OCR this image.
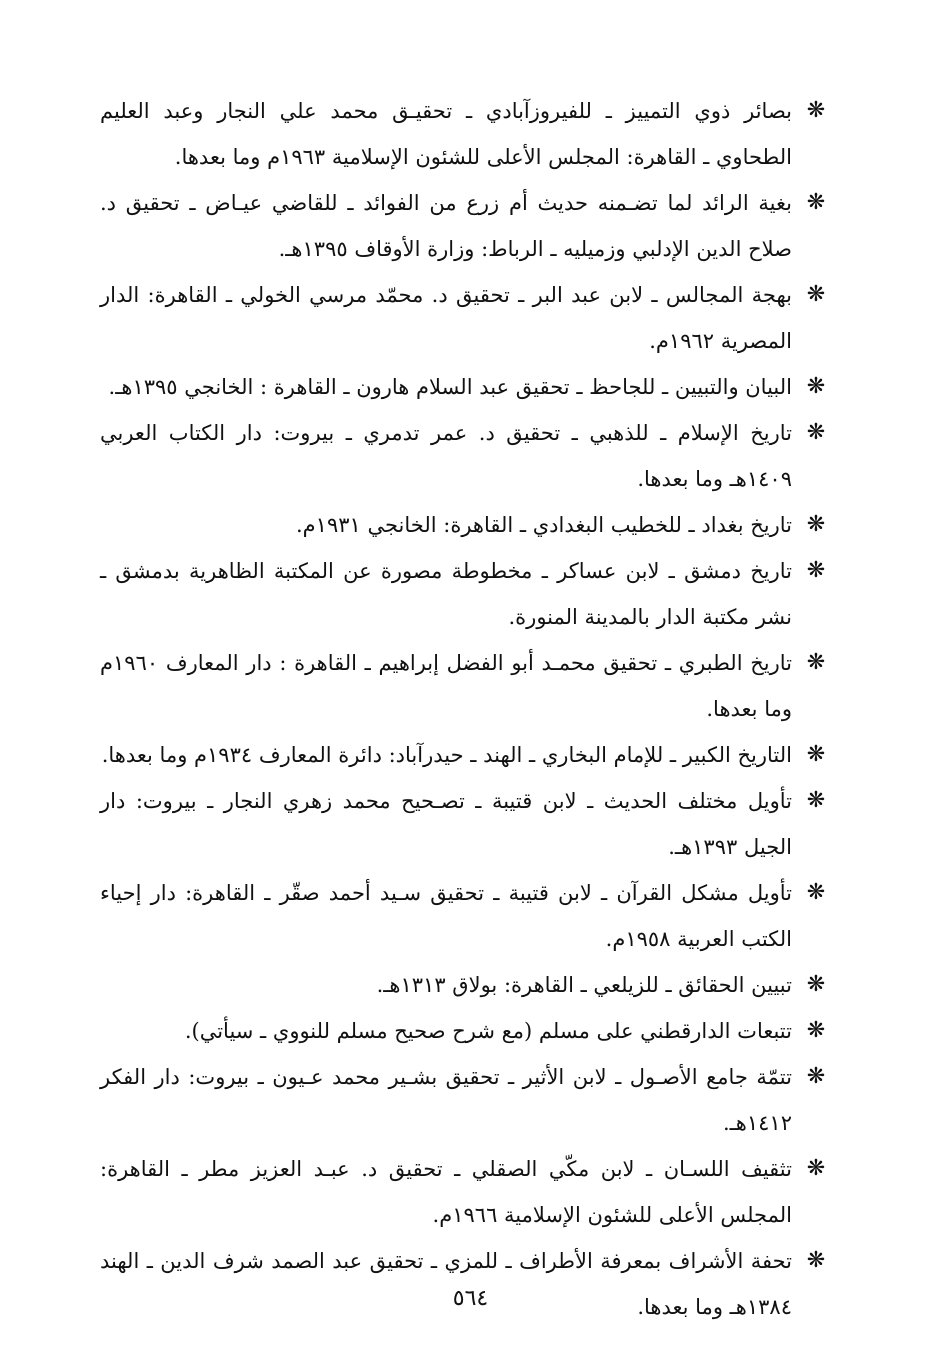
❋
بصائر ذوي التمييز ـ للفيروزآبادي ـ تحقيـق محمد علي النجار وعبد العليم الطحاوي ـ القاهرة: المجلس الأعلى للشئون الإسلامية ١٩٦٣م وما بعدها.
❋
بغية الرائد لما تضـمنه حديث أم زرع من الفوائد ـ للقاضي عيـاض ـ تحقيق د. صلاح الدين الإدلبي وزميليه ـ الرباط: وزارة الأوقاف ١٣٩٥هـ.
❋
بهجة المجالس ـ لابن عبد البر ـ تحقيق د. محمّد مرسي الخولي ـ القاهرة: الدار المصرية ١٩٦٢م.
❋
البيان والتبيين ـ للجاحظ ـ تحقيق عبد السلام هارون ـ القاهرة : الخانجي ١٣٩٥هـ.
❋
تاريخ الإسلام ـ للذهبي ـ تحقيق د. عمر تدمري ـ بيروت: دار الكتاب العربي ١٤٠٩هـ وما بعدها.
❋
تاريخ بغداد ـ للخطيب البغدادي ـ القاهرة: الخانجي ١٩٣١م.
❋
تاريخ دمشق ـ لابن عساكر ـ مخطوطة مصورة عن المكتبة الظاهرية بدمشق ـ نشر مكتبة الدار بالمدينة المنورة.
❋
تاريخ الطبري ـ تحقيق محمـد أبو الفضل إبراهيم ـ القاهرة : دار المعارف ١٩٦٠م وما بعدها.
❋
التاريخ الكبير ـ للإمام البخاري ـ الهند ـ حيدرآباد: دائرة المعارف ١٩٣٤م وما بعدها.
❋
تأويل مختلف الحديث ـ لابن قتيبة ـ تصـحيح محمد زهري النجار ـ بيروت: دار الجيل ١٣٩٣هـ.
❋
تأويل مشكل القرآن ـ لابن قتيبة ـ تحقيق سـيد أحمد صقّر ـ القاهرة: دار إحياء الكتب العربية ١٩٥٨م.
❋
تبيين الحقائق ـ للزيلعي ـ القاهرة: بولاق ١٣١٣هـ.
❋
تتبعات الدارقطني على مسلم (مع شرح صحيح مسلم للنووي ـ سيأتي).
❋
تتمّة جامع الأصـول ـ لابن الأثير ـ تحقيق بشـير محمد عـيون ـ بيروت: دار الفكر ١٤١٢هـ.
❋
تثقيف اللسـان ـ لابن مكّي الصقلي ـ تحقيق د. عبـد العزيز مطر ـ القاهرة: المجلس الأعلى للشئون الإسلامية ١٩٦٦م.
❋
تحفة الأشراف بمعرفة الأطراف ـ للمزي ـ تحقيق عبد الصمد شرف الدين ـ الهند ١٣٨٤هـ وما بعدها.
٥٦٤
